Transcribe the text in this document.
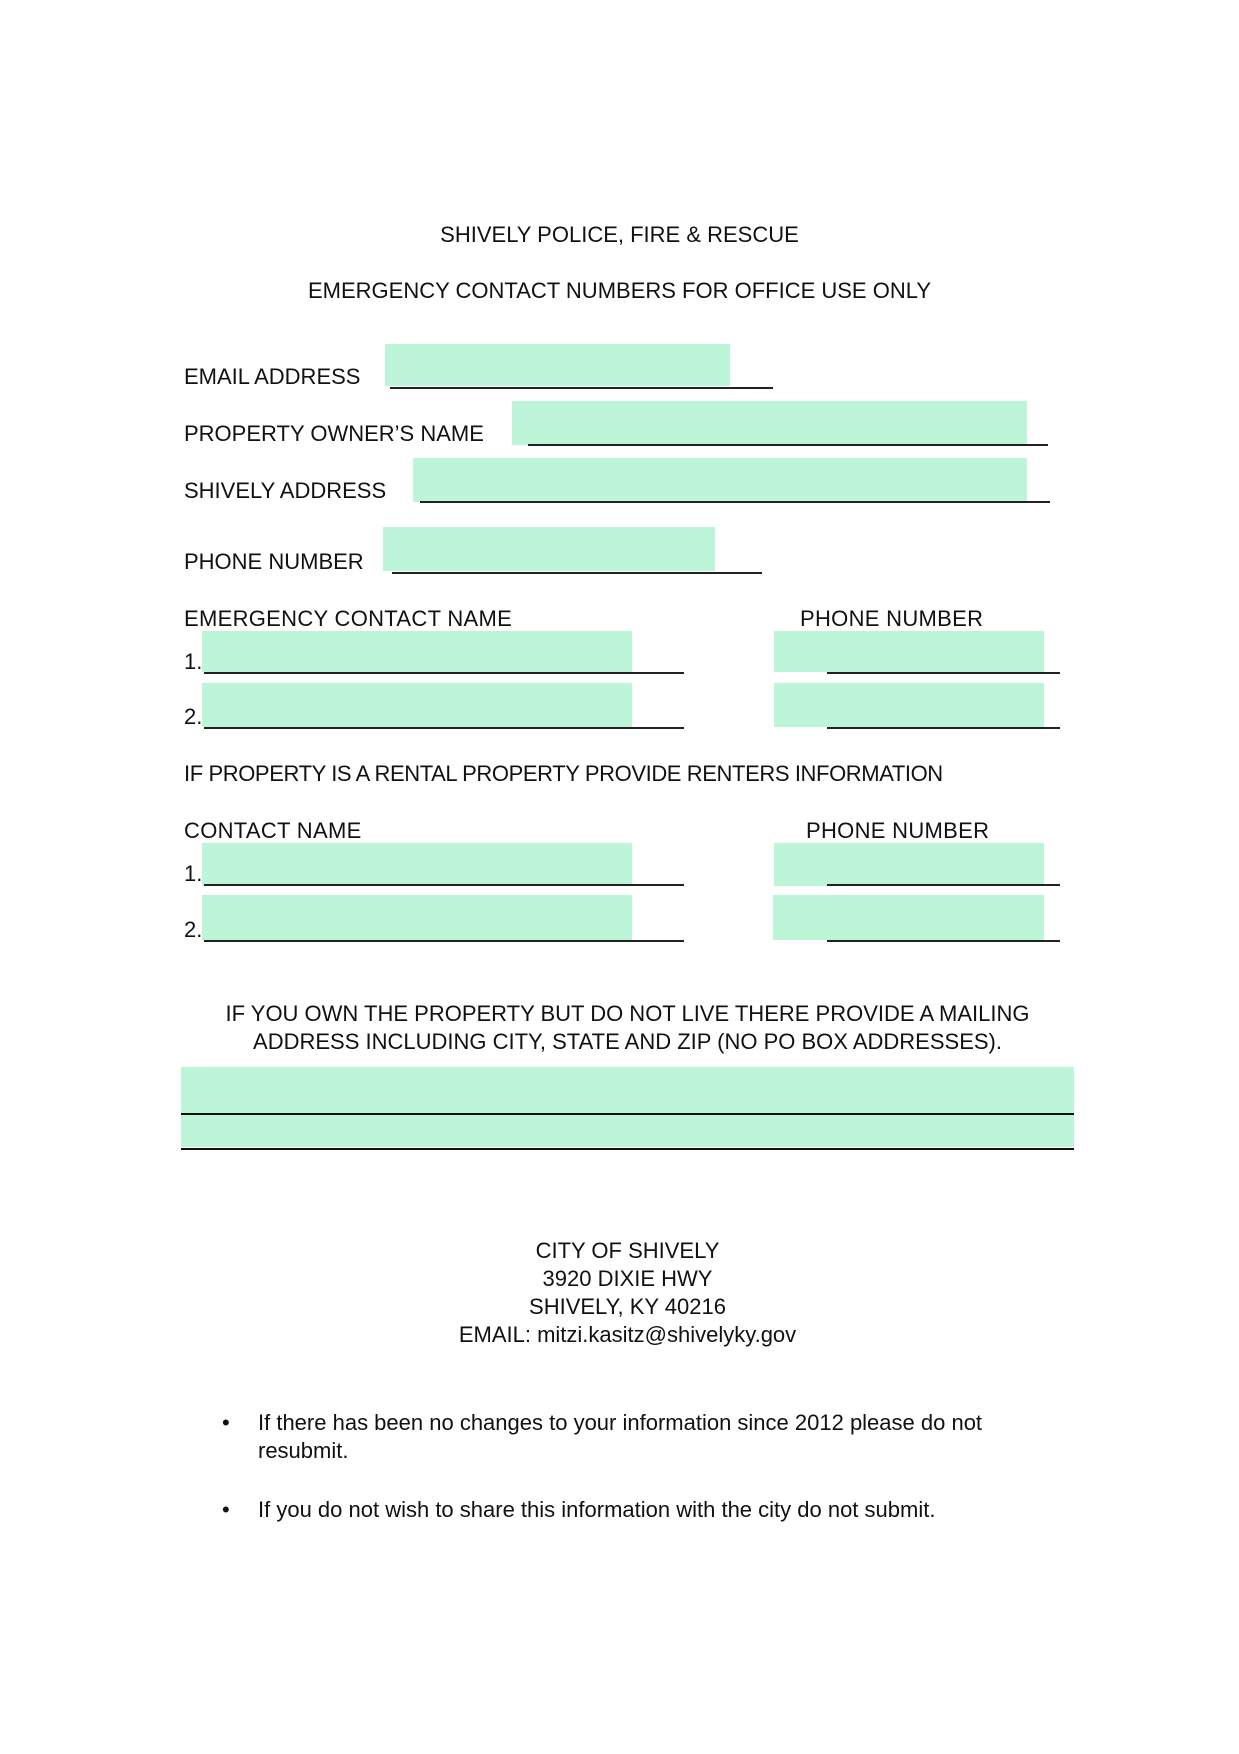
SHIVELY POLICE, FIRE & RESCUE
EMERGENCY CONTACT NUMBERS FOR OFFICE USE ONLY
EMAIL ADDRESS
PROPERTY OWNER’S NAME
SHIVELY ADDRESS
PHONE NUMBER
EMERGENCY CONTACT NAME	PHONE NUMBER
1.
2.
IF PROPERTY IS A RENTAL PROPERTY PROVIDE RENTERS INFORMATION
CONTACT NAME	PHONE NUMBER
1.
2.
IF YOU OWN THE PROPERTY BUT DO NOT LIVE THERE PROVIDE A MAILING
ADDRESS INCLUDING CITY, STATE AND ZIP (NO PO BOX ADDRESSES).
CITY OF SHIVELY
3920 DIXIE HWY
SHIVELY, KY 40216
EMAIL: mitzi.kasitz@shivelyky.gov
• If there has been no changes to your information since 2012 please do not resubmit.
• If you do not wish to share this information with the city do not submit.
